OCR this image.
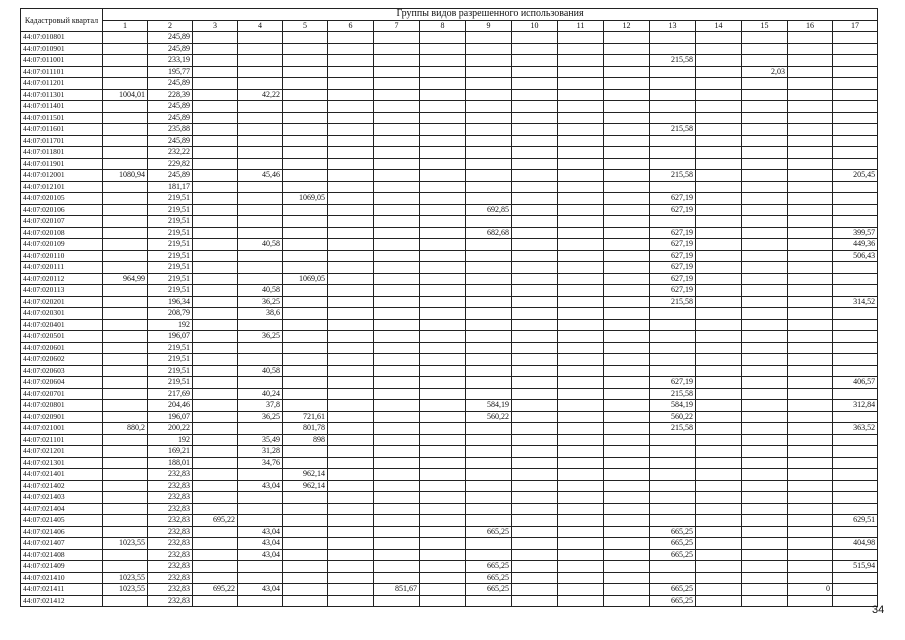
Кадастровый квартал	Группы видов разрешенного использования																
	1	2	3	4	5	6	7	8	9	10	11	12	13	14	15	16	17
44:07:010801		245,89															
44:07:010901		245,89															
44:07:011001		233,19											215,58				
44:07:011101		195,77													2,03		
44:07:011201		245,89															
44:07:011301	1004,01	228,39		42,22													
44:07:011401		245,89															
44:07:011501		245,89															
44:07:011601		235,88											215,58				
44:07:011701		245,89															
44:07:011801		232,22															
44:07:011901		229,82															
44:07:012001	1080,94	245,89		45,46									215,58				205,45
44:07:012101		181,17															
44:07:020105		219,51			1069,05								627,19				
44:07:020106		219,51							692,85				627,19				
44:07:020107		219,51															
44:07:020108		219,51							682,68				627,19				399,57
44:07:020109		219,51		40,58									627,19				449,36
44:07:020110		219,51											627,19				506,43
44:07:020111		219,51											627,19				
44:07:020112	964,99	219,51			1069,05								627,19				
44:07:020113		219,51		40,58									627,19				
44:07:020201		196,34		36,25									215,58				314,52
44:07:020301		208,79		38,6													
44:07:020401		192															
44:07:020501		196,07		36,25													
44:07:020601		219,51															
44:07:020602		219,51															
44:07:020603		219,51		40,58													
44:07:020604		219,51											627,19				406,57
44:07:020701		217,69		40,24									215,58				
44:07:020801		204,46		37,8					584,19				584,19				312,84
44:07:020901		196,07		36,25	721,61				560,22				560,22				
44:07:021001	880,2	200,22			801,78								215,58				363,52
44:07:021101		192		35,49	898												
44:07:021201		169,21		31,28													
44:07:021301		188,01		34,76													
44:07:021401		232,83			962,14												
44:07:021402		232,83		43,04	962,14												
44:07:021403		232,83															
44:07:021404		232,83															
44:07:021405		232,83	695,22														629,51
44:07:021406		232,83		43,04					665,25				665,25				
44:07:021407	1023,55	232,83		43,04									665,25				404,98
44:07:021408		232,83		43,04									665,25				
44:07:021409		232,83							665,25								515,94
44:07:021410	1023,55	232,83							665,25								
44:07:021411	1023,55	232,83	695,22	43,04			851,67		665,25				665,25			0	
44:07:021412		232,83											665,25				
34
